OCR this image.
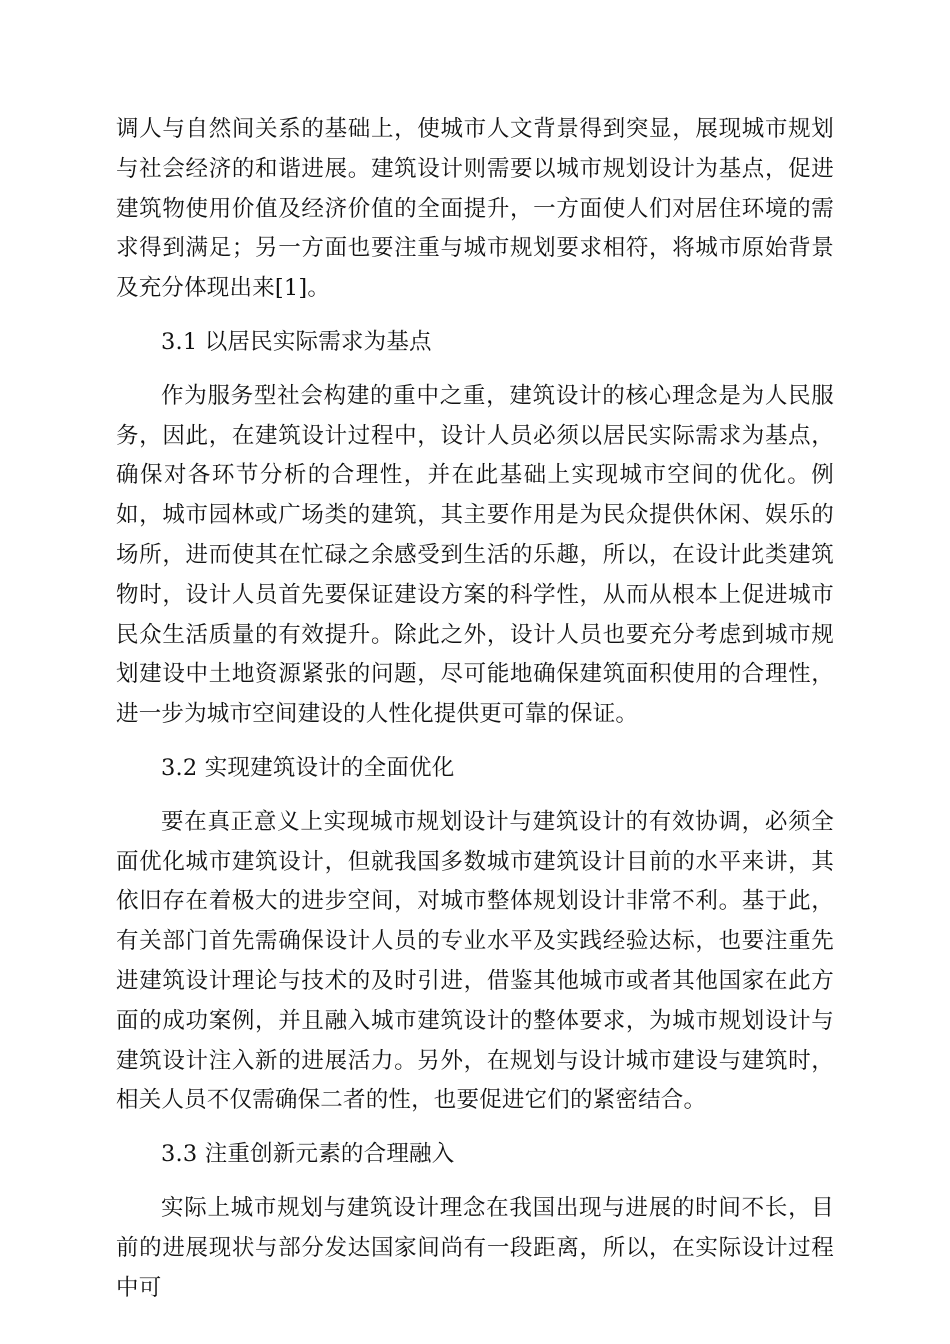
调人与自然间关系的基础上，使城市人文背景得到突显，展现城市规划与社会经济的和谐进展。建筑设计则需要以城市规划设计为基点，促进建筑物使用价值及经济价值的全面提升，一方面使人们对居住环境的需求得到满足；另一方面也要注重与城市规划要求相符，将城市原始背景及充分体现出来[1]。

3.1 以居民实际需求为基点

作为服务型社会构建的重中之重，建筑设计的核心理念是为人民服务，因此，在建筑设计过程中，设计人员必须以居民实际需求为基点，确保对各环节分析的合理性，并在此基础上实现城市空间的优化。例如，城市园林或广场类的建筑，其主要作用是为民众提供休闲、娱乐的场所，进而使其在忙碌之余感受到生活的乐趣，所以，在设计此类建筑物时，设计人员首先要保证建设方案的科学性，从而从根本上促进城市民众生活质量的有效提升。除此之外，设计人员也要充分考虑到城市规划建设中土地资源紧张的问题，尽可能地确保建筑面积使用的合理性，进一步为城市空间建设的人性化提供更可靠的保证。

3.2 实现建筑设计的全面优化

要在真正意义上实现城市规划设计与建筑设计的有效协调，必须全面优化城市建筑设计，但就我国多数城市建筑设计目前的水平来讲，其依旧存在着极大的进步空间，对城市整体规划设计非常不利。基于此，有关部门首先需确保设计人员的专业水平及实践经验达标，也要注重先进建筑设计理论与技术的及时引进，借鉴其他城市或者其他国家在此方面的成功案例，并且融入城市建筑设计的整体要求，为城市规划设计与建筑设计注入新的进展活力。另外，在规划与设计城市建设与建筑时，相关人员不仅需确保二者的性，也要促进它们的紧密结合。

3.3 注重创新元素的合理融入

实际上城市规划与建筑设计理念在我国出现与进展的时间不长，目前的进展现状与部分发达国家间尚有一段距离，所以，在实际设计过程中可
